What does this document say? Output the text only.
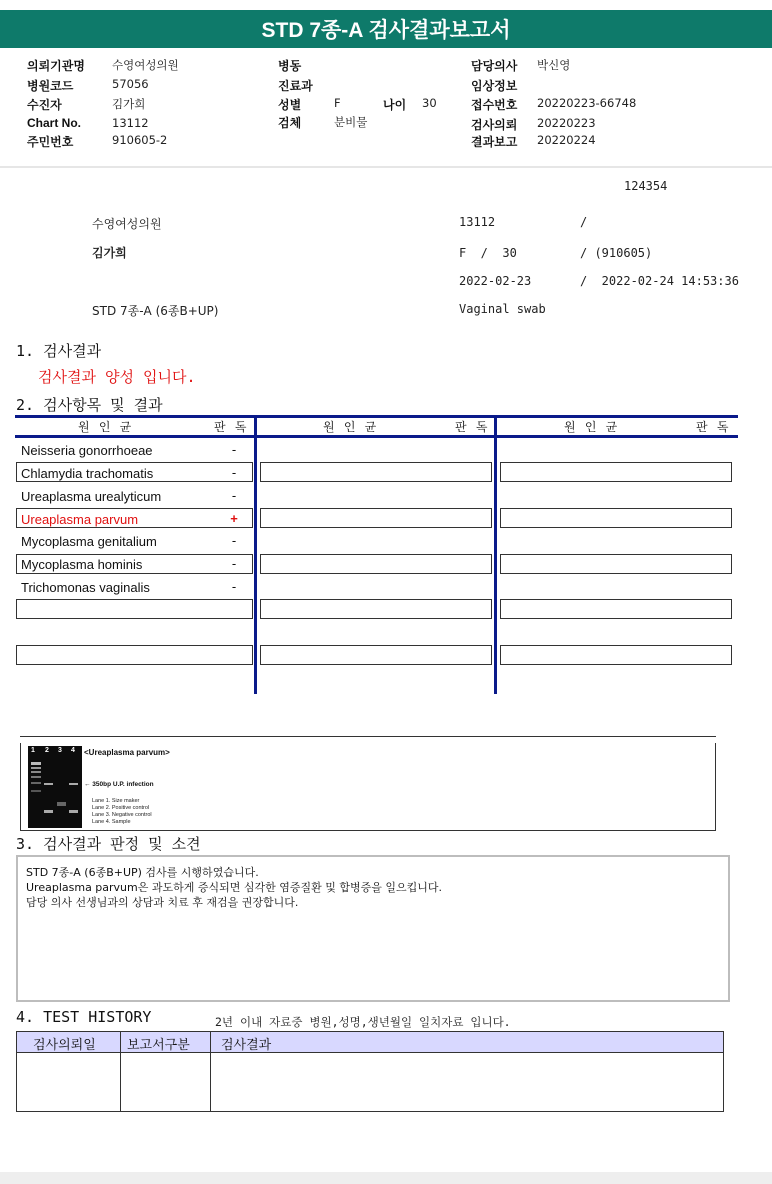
STD 7종-A 검사결과보고서
의뢰기관명 수영여성의원
병원코드	57056
수진자	김가희
Chart No.	13112
주민번호	910605-2
병동
진료과
성별	F	나이 30
검체	분비물
담당의사 박신영
임상정보
접수번호 20220223-66748
검사의뢰 20220223
결과보고 20220224
124354
수영여성의원	13112	/
김가희	F  /  30	/ (910605)
2022-02-23	/  2022-02-24 14:53:36
STD 7종-A (6종B+UP)	Vaginal swab
1. 검사결과
검사결과 양성 입니다.
2. 검사항목 및 결과
원 인 균	판 독	원 인 균	판 독	원 인 균	판 독
Neisseria gonorrhoeae	-
Chlamydia trachomatis	-
Ureaplasma urealyticum	-
Ureaplasma parvum	+
Mycoplasma genitalium	-
Mycoplasma hominis	-
Trichomonas vaginalis	-
1 2 3 4 <Ureaplasma parvum>
← 350bp U.P. infection
Lane 1. Size maker
Lane 2. Positive control
Lane 3. Negative control
Lane 4. Sample
3. 검사결과 판정 및 소견
STD 7종-A (6종B+UP) 검사를 시행하였습니다.
Ureaplasma parvum은 과도하게 증식되면 심각한 염증질환 및 합병증을 일으킵니다.
담당 의사 선생님과의 상담과 치료 후 재검을 권장합니다.
4. TEST HISTORY	2년 이내 자료중 병원,성명,생년월일 일치자료 입니다.
검사의뢰일 보고서구분 검사결과
